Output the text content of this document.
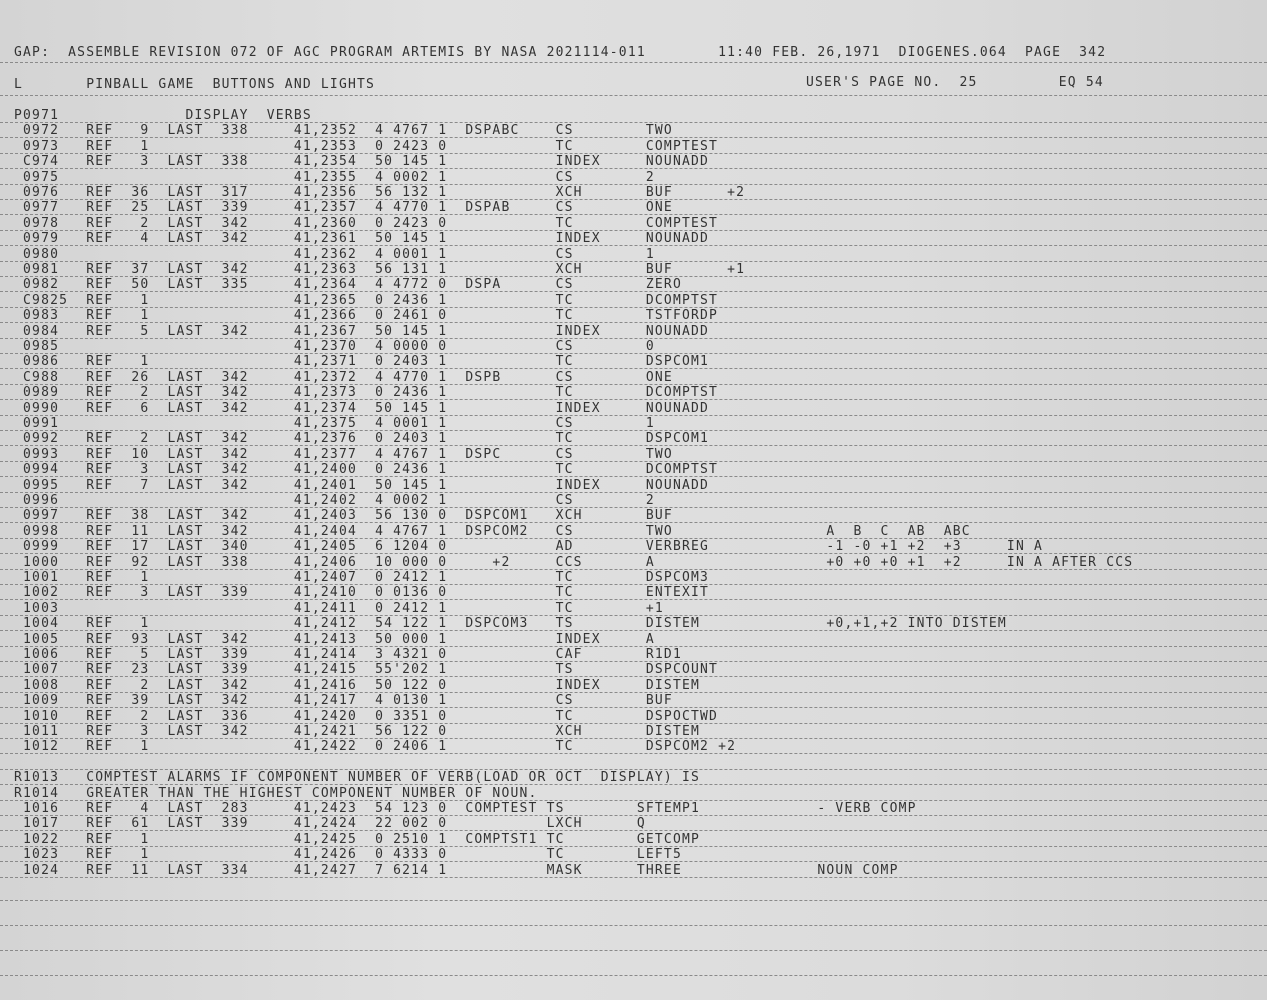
GAP:  ASSEMBLE REVISION 072 OF AGC PROGRAM ARTEMIS BY NASA 2021114-011        11:40 FEB. 26,1971  DIOGENES.064  PAGE  342
L       PINBALL GAME  BUTTONS AND LIGHTS	USER'S PAGE NO.  25         EQ 54
P0971              DISPLAY  VERBS
0972   REF   9  LAST  338     41,2352  4 4767 1  DSPABC    CS        TWO
0973   REF   1                41,2353  0 2423 0            TC        COMPTEST
C974   REF   3  LAST  338     41,2354  50 145 1            INDEX     NOUNADD
0975                          41,2355  4 0002 1            CS        2
0976   REF  36  LAST  317     41,2356  56 132 1            XCH       BUF      +2
0977   REF  25  LAST  339     41,2357  4 4770 1  DSPAB     CS        ONE
0978   REF   2  LAST  342     41,2360  0 2423 0            TC        COMPTEST
0979   REF   4  LAST  342     41,2361  50 145 1            INDEX     NOUNADD
0980                          41,2362  4 0001 1            CS        1
0981   REF  37  LAST  342     41,2363  56 131 1            XCH       BUF      +1
0982   REF  50  LAST  335     41,2364  4 4772 0  DSPA      CS        ZERO
C9825  REF   1                41,2365  0 2436 1            TC        DCOMPTST
0983   REF   1                41,2366  0 2461 0            TC        TSTFORDP
0984   REF   5  LAST  342     41,2367  50 145 1            INDEX     NOUNADD
0985                          41,2370  4 0000 0            CS        0
0986   REF   1                41,2371  0 2403 1            TC        DSPCOM1
C988   REF  26  LAST  342     41,2372  4 4770 1  DSPB      CS        ONE
0989   REF   2  LAST  342     41,2373  0 2436 1            TC        DCOMPTST
0990   REF   6  LAST  342     41,2374  50 145 1            INDEX     NOUNADD
0991                          41,2375  4 0001 1            CS        1
0992   REF   2  LAST  342     41,2376  0 2403 1            TC        DSPCOM1
0993   REF  10  LAST  342     41,2377  4 4767 1  DSPC      CS        TWO
0994   REF   3  LAST  342     41,2400  0 2436 1            TC        DCOMPTST
0995   REF   7  LAST  342     41,2401  50 145 1            INDEX     NOUNADD
0996                          41,2402  4 0002 1            CS        2
0997   REF  38  LAST  342     41,2403  56 130 0  DSPCOM1   XCH       BUF
0998   REF  11  LAST  342     41,2404  4 4767 1  DSPCOM2   CS        TWO                 A  B  C  AB  ABC
0999   REF  17  LAST  340     41,2405  6 1204 0            AD        VERBREG             -1 -0 +1 +2  +3     IN A
1000   REF  92  LAST  338     41,2406  10 000 0     +2     CCS       A                   +0 +0 +0 +1  +2     IN A AFTER CCS
1001   REF   1                41,2407  0 2412 1            TC        DSPCOM3
1002   REF   3  LAST  339     41,2410  0 0136 0            TC        ENTEXIT
1003                          41,2411  0 2412 1            TC        +1
1004   REF   1                41,2412  54 122 1  DSPCOM3   TS        DISTEM              +0,+1,+2 INTO DISTEM
1005   REF  93  LAST  342     41,2413  50 000 1            INDEX     A
1006   REF   5  LAST  339     41,2414  3 4321 0            CAF       R1D1
1007   REF  23  LAST  339     41,2415  55'202 1            TS        DSPCOUNT
1008   REF   2  LAST  342     41,2416  50 122 0            INDEX     DISTEM
1009   REF  39  LAST  342     41,2417  4 0130 1            CS        BUF
1010   REF   2  LAST  336     41,2420  0 3351 0            TC        DSPOCTWD
1011   REF   3  LAST  342     41,2421  56 122 0            XCH       DISTEM
1012   REF   1                41,2422  0 2406 1            TC        DSPCOM2 +2
R1013   COMPTEST ALARMS IF COMPONENT NUMBER OF VERB(LOAD OR OCT  DISPLAY) IS
R1014   GREATER THAN THE HIGHEST COMPONENT NUMBER OF NOUN.
1016   REF   4  LAST  283     41,2423  54 123 0  COMPTEST TS        SFTEMP1             - VERB COMP
1017   REF  61  LAST  339     41,2424  22 002 0           LXCH      Q
1022   REF   1                41,2425  0 2510 1  COMPTST1 TC        GETCOMP
1023   REF   1                41,2426  0 4333 0           TC        LEFT5
1024   REF  11  LAST  334     41,2427  7 6214 1           MASK      THREE               NOUN COMP
